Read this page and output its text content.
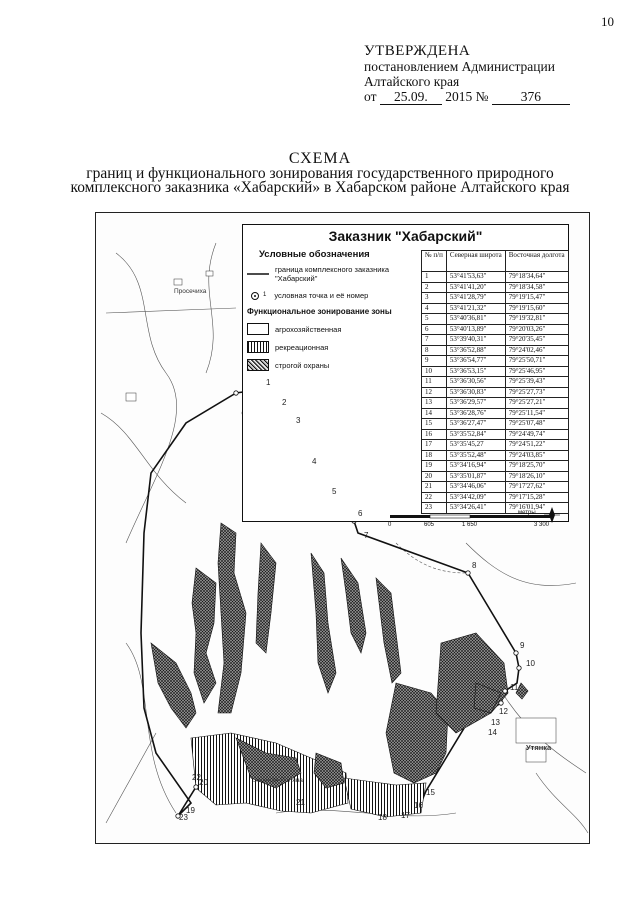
10
УТВЕРЖДЕНА
постановлением Администрации
Алтайского края
от 25.09. 2015 № 376
СХЕМА
границ и функционального зонирования государственного природного
комплексного заказника «Хабарский» в Хабарском районе Алтайского края
Заказник "Хабарский"
Условные обозначения
граница комплексного заказника "Хабарский"
1 условная точка и её номер
Функциональное зонирование зоны
агрохозяйственная
рекреационная
строгой охраны
№ п/п	Северная широта	Восточная долгота
1	53°41'53,63"	79°18'34,64"
2	53°41'41,20"	79°18'34,58"
3	53°41'28,79"	79°19'15,47"
4	53°41'21,32"	79°19'15,60"
5	53°40'36,81"	79°19'32,81"
6	53°40'13,89"	79°20'03,26"
7	53°39'40,31"	79°20'35,45"
8	53°36'52,88"	79°24'02,46"
9	53°36'54,77"	79°25'50,71"
10	53°36'53,15"	79°25'46,95"
11	53°36'30,56"	79°25'39,43"
12	53°36'30,83"	79°25'27,73"
13	53°36'29,57"	79°25'27,21"
14	53°36'28,76"	79°25'11,54"
15	53°36'27,47"	79°25'07,48"
16	53°35'52,84"	79°24'49,74"
17	53°35'45,27	79°24'51,22"
18	53°35'52,48"	79°24'03,85"
19	53°34'16,94"	79°18'25,70"
20	53°35'01,87"	79°18'26,10"
21	53°34'46,06"	79°17'27,62"
22	53°34'42,09"	79°17'15,28"
23	53°34'26,41"	79°16'01,94"
0	605	1 650	3 300
метры
Просечиха
Зеленая Поляна
Утянка
1
2
3
4
5
6
7
8
9
10
11
12
13
14
15
16
17
18
19
20
21
22
23
